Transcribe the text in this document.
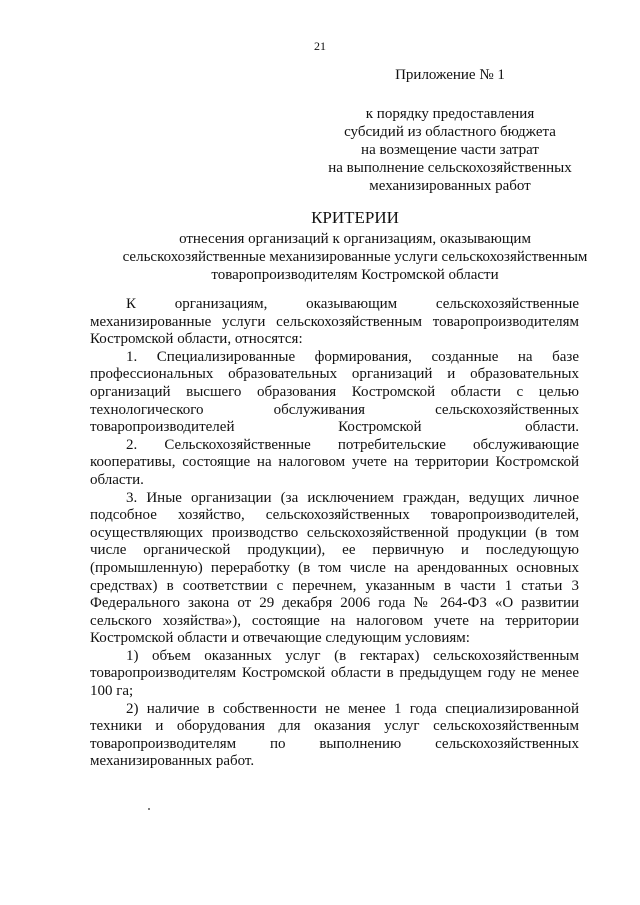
21
Приложение № 1
к порядку предоставления
субсидий из областного бюджета
на возмещение части затрат
на выполнение сельскохозяйственных
механизированных работ
КРИТЕРИИ
отнесения организаций к организациям, оказывающим
сельскохозяйственные механизированные услуги сельскохозяйственным
товаропроизводителям Костромской области

К организациям, оказывающим сельскохозяйственные механизированные услуги сельскохозяйственным товаропроизводителям Костромской области, относятся:

1. Специализированные формирования, созданные на базе профессиональных образовательных организаций и образовательных организаций высшего образования Костромской области с целью технологического обслуживания сельскохозяйственных товаропроизводителей Костромской области.

2. Сельскохозяйственные потребительские обслуживающие кооперативы, состоящие на налоговом учете на территории Костромской области.

3. Иные организации (за исключением граждан, ведущих личное подсобное хозяйство, сельскохозяйственных товаропроизводителей, осуществляющих производство сельскохозяйственной продукции (в том числе органической продукции), ее первичную и последующую (промышленную) переработку (в том числе на арендованных основных средствах) в соответствии с перечнем, указанным в части 1 статьи 3 Федерального закона от 29 декабря 2006 года № 264-ФЗ «О развитии сельского хозяйства»), состоящие на налоговом учете на территории Костромской области и отвечающие следующим условиям:

1) объем оказанных услуг (в гектарах) сельскохозяйственным товаропроизводителям Костромской области в предыдущем году не менее 100 га;

2) наличие в собственности не менее 1 года специализированной техники и оборудования для оказания услуг сельскохозяйственным товаропроизводителям по выполнению сельскохозяйственных механизированных работ.
